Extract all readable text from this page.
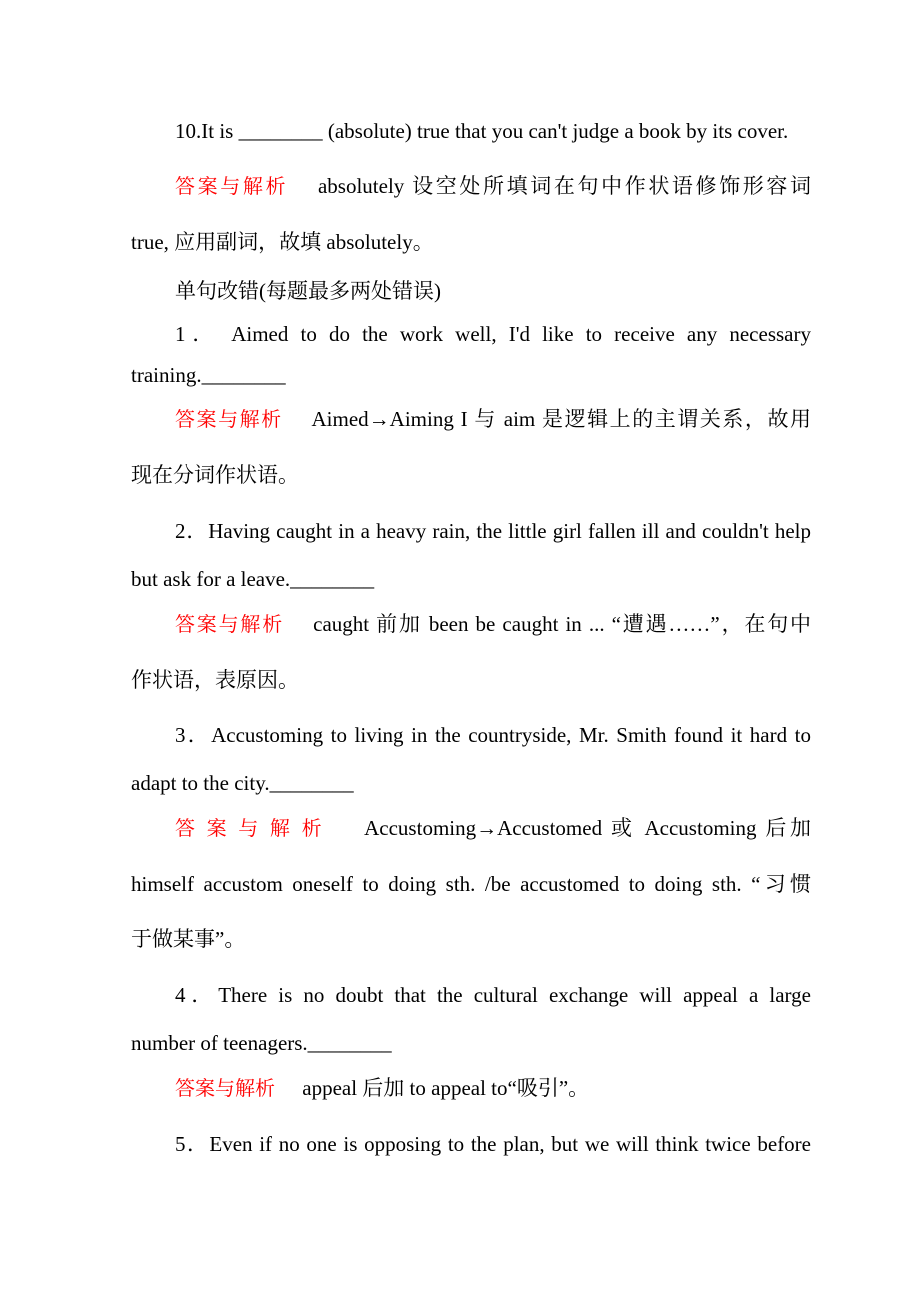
10.It is ________ (absolute) true that you can't judge a book by its cover.
答案与解析 absolutely 设空处所填词在句中作状语修饰形容词
true, 应用副词，故填 absolutely。
单句改错(每题最多两处错误)
1． Aimed to do the work well, I'd like to receive any necessary
training.________
答案与解析 Aimed→Aiming I 与 aim 是逻辑上的主谓关系，故用
现在分词作状语。
2．Having caught in a heavy rain, the little girl fallen ill and couldn't help
but ask for a leave.________
答案与解析 caught 前加 been be caught in ... “遭遇……”，在句中
作状语，表原因。
3．Accustoming to living in the countryside, Mr. Smith found it hard to
adapt to the city.________
答案与解析 Accustoming→Accustomed 或 Accustoming 后加
himself accustom oneself to doing sth. /be accustomed to doing sth. “习惯
于做某事”。
4．There is no doubt that the cultural exchange will appeal a large
number of teenagers.________
答案与解析 appeal 后加 to appeal to“吸引”。
5．Even if no one is opposing to the plan, but we will think twice before
